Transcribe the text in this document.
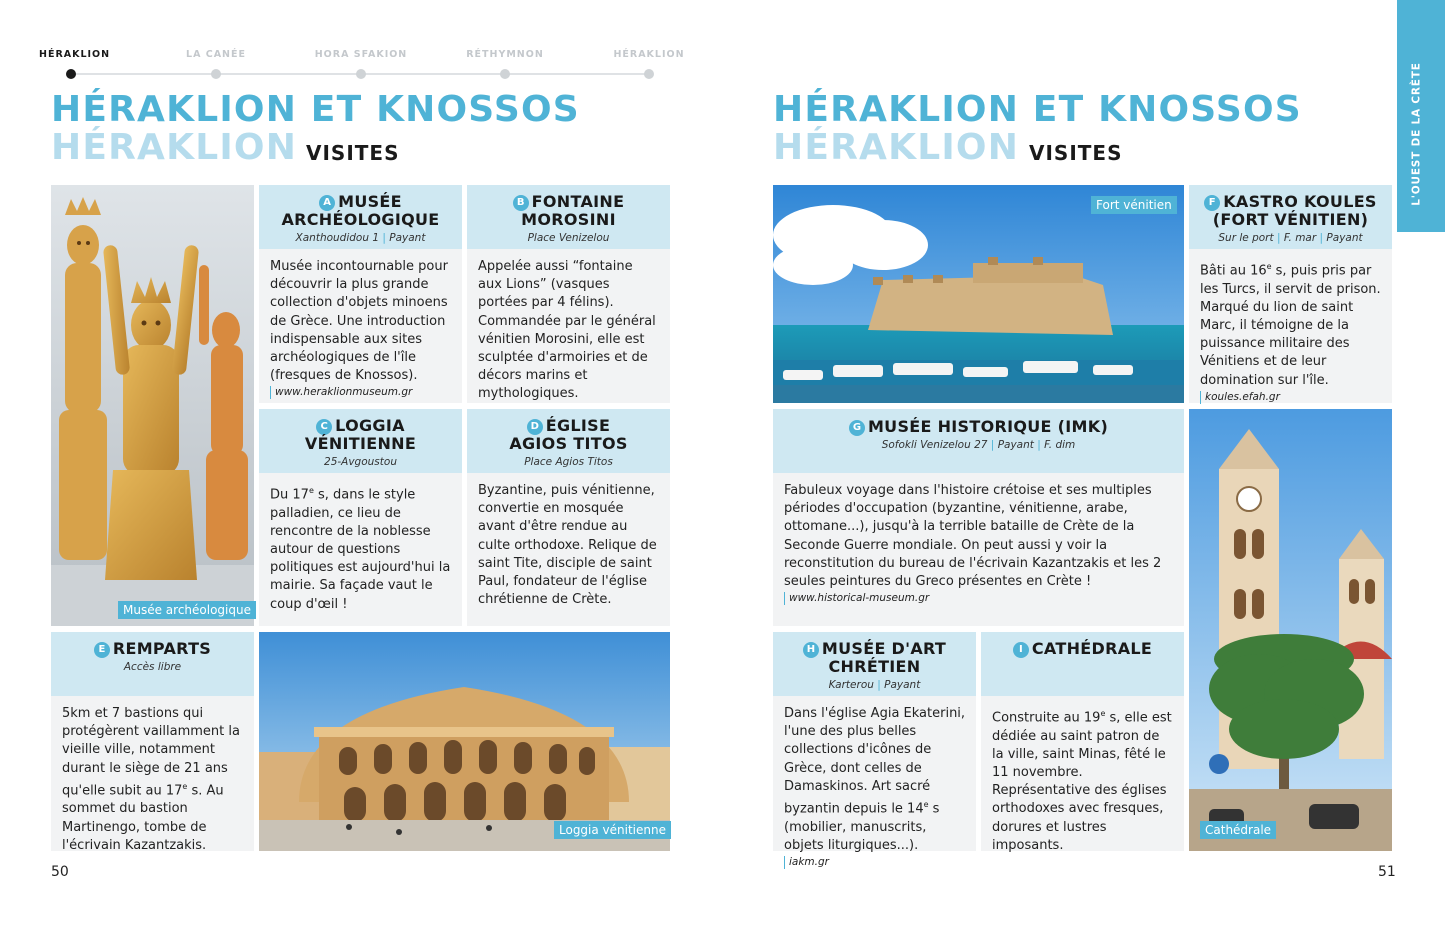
HÉRAKLION	LA CANÉE	HORA SFAKION	RÉTHYMNON	HÉRAKLION
HÉRAKLION ET KNOSSOS
HÉRAKLION VISITES
HÉRAKLION ET KNOSSOS
HÉRAKLION VISITES	L'OUEST DE LA CRÈTE
Musée archéologique
A MUSÉE
ARCHÉOLOGIQUE
Xanthoudidou 1 | Payant
Musée incontournable pour découvrir la plus grande collection d'objets minoens de Grèce. Une introduction indispensable aux sites archéologiques de l'île (fresques de Knossos).
www.heraklionmuseum.gr
B FONTAINE
MOROSINI
Place Venizelou
Appelée aussi “fontaine aux Lions” (vasques portées par 4 félins). Commandée par le général vénitien Morosini, elle est sculptée d'armoiries et de décors marins et mythologiques.
C LOGGIA
VÉNITIENNE
25-Avgoustou
Du 17e s, dans le style palladien, ce lieu de rencontre de la noblesse autour de questions politiques est aujourd'hui la mairie. Sa façade vaut le coup d'œil !
D ÉGLISE
AGIOS TITOS
Place Agios Titos
Byzantine, puis vénitienne, convertie en mosquée avant d'être rendue au culte orthodoxe. Relique de saint Tite, disciple de saint Paul, fondateur de l'église chrétienne de Crète.
E REMPARTS
Accès libre
5km et 7 bastions qui protégèrent vaillamment la vieille ville, notamment durant le siège de 21 ans qu'elle subit au 17e s. Au sommet du bastion Martinengo, tombe de l'écrivain Kazantzakis.
Loggia vénitienne
Fort vénitien	F KASTRO KOULES
(FORT VÉNITIEN)
Sur le port | F. mar | Payant
Bâti au 16e s, puis pris par les Turcs, il servit de prison. Marqué du lion de saint Marc, il témoigne de la puissance militaire des Vénitiens et de leur domination sur l'île.
koules.efah.gr
G MUSÉE HISTORIQUE (IMK)
Sofokli Venizelou 27 | Payant | F. dim
Fabuleux voyage dans l'histoire crétoise et ses multiples périodes d'occupation (byzantine, vénitienne, arabe, ottomane...), jusqu'à la terrible bataille de Crète de la Seconde Guerre mondiale. On peut aussi y voir la reconstitution du bureau de l'écrivain Kazantzakis et les 2 seules peintures du Greco présentes en Crète !
www.historical-museum.gr
Cathédrale
H MUSÉE D'ART
CHRÉTIEN
Karterou | Payant
Dans l'église Agia Ekaterini, l'une des plus belles collections d'icônes de Grèce, dont celles de Damaskinos. Art sacré byzantin depuis le 14e s (mobilier, manuscrits, objets liturgiques...).
iakm.gr
I CATHÉDRALE
Construite au 19e s, elle est dédiée au saint patron de la ville, saint Minas, fêté le 11 novembre. Représentative des églises orthodoxes avec fresques, dorures et lustres imposants.
50	51
